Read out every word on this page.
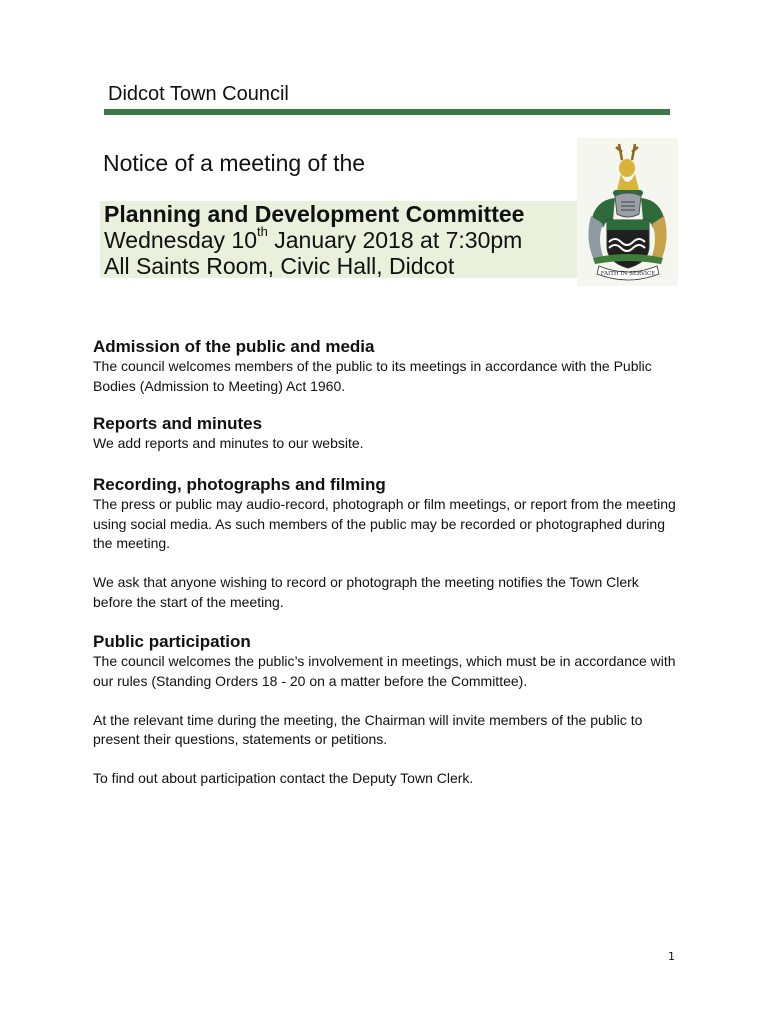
Didcot Town Council
Notice of a meeting of the
Planning and Development Committee
Wednesday 10th January 2018 at 7:30pm
All Saints Room, Civic Hall, Didcot	FAITH IN SERVICE
Admission of the public and media

The council welcomes members of the public to its meetings in accordance with the Public Bodies (Admission to Meeting) Act 1960.

Reports and minutes

We add reports and minutes to our website.

Recording, photographs and filming

The press or public may audio-record, photograph or film meetings, or report from the meeting using social media. As such members of the public may be recorded or photographed during the meeting.

We ask that anyone wishing to record or photograph the meeting notifies the Town Clerk before the start of the meeting.

Public participation

The council welcomes the public’s involvement in meetings, which must be in accordance with our rules (Standing Orders 18 - 20 on a matter before the Committee).

At the relevant time during the meeting, the Chairman will invite members of the public to present their questions, statements or petitions.

To find out about participation contact the Deputy Town Clerk.

1
